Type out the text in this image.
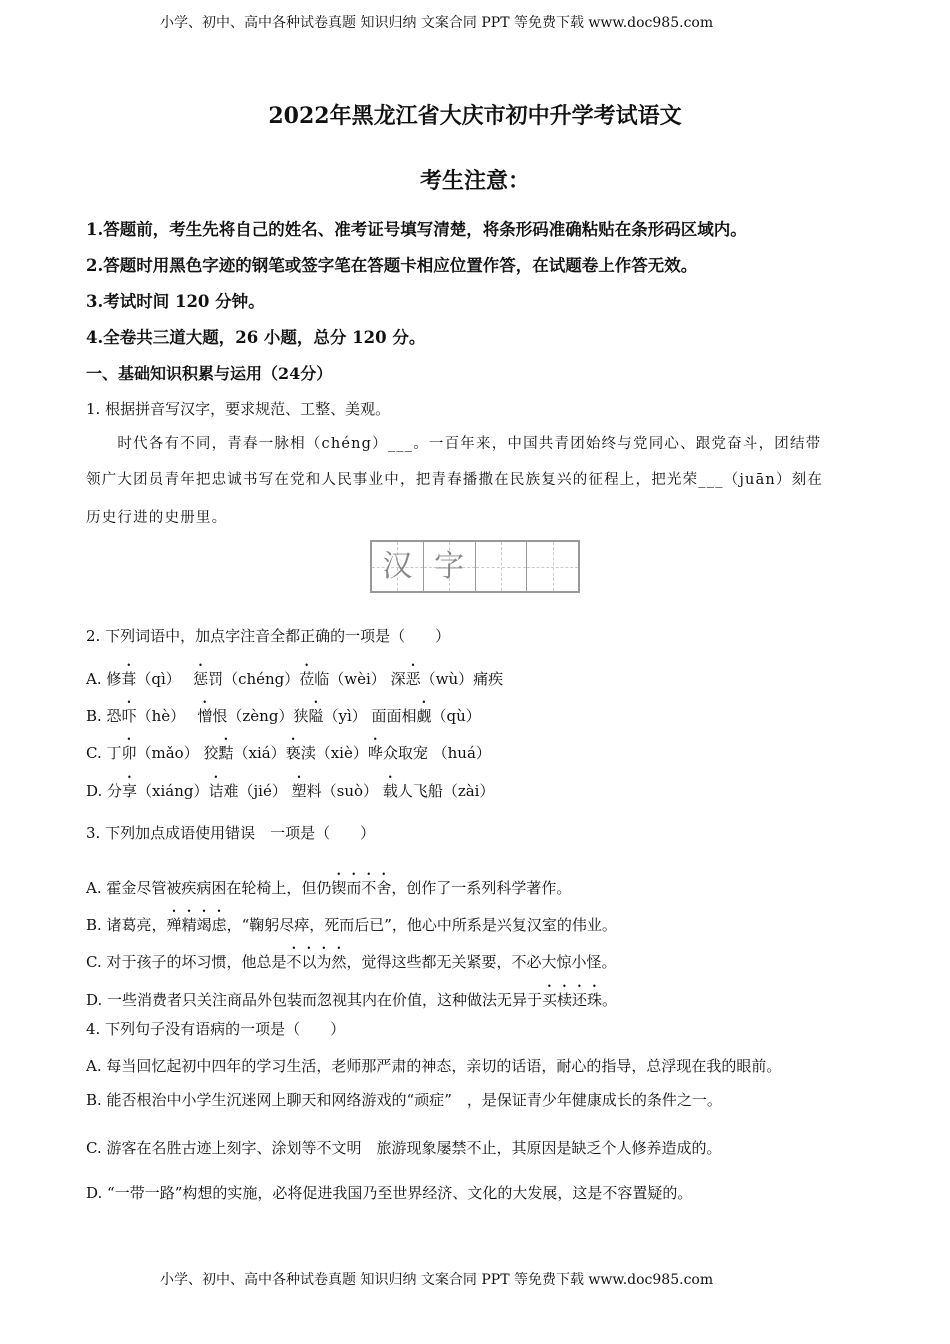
小学、初中、高中各种试卷真题 知识归纳 文案合同 PPT 等免费下载 www.doc985.com
2022年黑龙江省大庆市初中升学考试语文
考生注意：
1.答题前，考生先将自己的姓名、准考证号填写清楚，将条形码准确粘贴在条形码区域内。
2.答题时用黑色字迹的钢笔或签字笔在答题卡相应位置作答，在试题卷上作答无效。
3.考试时间 120 分钟。
4.全卷共三道大题，26 小题，总分 120 分。
一、基础知识积累与运用（24分）
1. 根据拼音写汉字，要求规范、工整、美观。
　　时代各有不同，青春一脉相（chéng）___。一百年来，中国共青团始终与党同心、跟党奋斗，团结带
领广大团员青年把忠诚书写在党和人民事业中，把青春播撒在民族复兴的征程上，把光荣___（juān）刻在
历史行进的史册里。
汉 字
2. 下列词语中，加点字注音全都正确的一项是（　　）
A. 修葺（qì）　 惩罚（chéng）莅临（wèi） 深恶（wù）痛疾
B. 恐吓（hè）　 憎恨（zèng）狭隘（yì） 面面相觑（qù）
C. 丁卯（mǎo） 狡黠（xiá）亵渎（xiè）哗众取宠 （huá）
D. 分享（xiáng）诘难（jié） 塑料（suò） 载人飞船（zài）
3. 下列加点成语使用错误　一项是（　　）
A. 霍金尽管被疾病困在轮椅上，但仍锲而不舍，创作了一系列科学著作。
B. 诸葛亮，殚精竭虑，“鞠躬尽瘁，死而后已”，他心中所系是兴复汉室的伟业。
C. 对于孩子的坏习惯，他总是不以为然，觉得这些都无关紧要，不必大惊小怪。
D. 一些消费者只关注商品外包装而忽视其内在价值，这种做法无异于买椟还珠。
4. 下列句子没有语病的一项是（　　）
A. 每当回忆起初中四年的学习生活，老师那严肃的神态，亲切的话语，耐心的指导，总浮现在我的眼前。
B. 能否根治中小学生沉迷网上聊天和网络游戏的“顽症”　，是保证青少年健康成长的条件之一。
C. 游客在名胜古迹上刻字、涂划等不文明　旅游现象屡禁不止，其原因是缺乏个人修养造成的。
D. “一带一路”构想的实施，必将促进我国乃至世界经济、文化的大发展，这是不容置疑的。
小学、初中、高中各种试卷真题 知识归纳 文案合同 PPT 等免费下载 www.doc985.com
